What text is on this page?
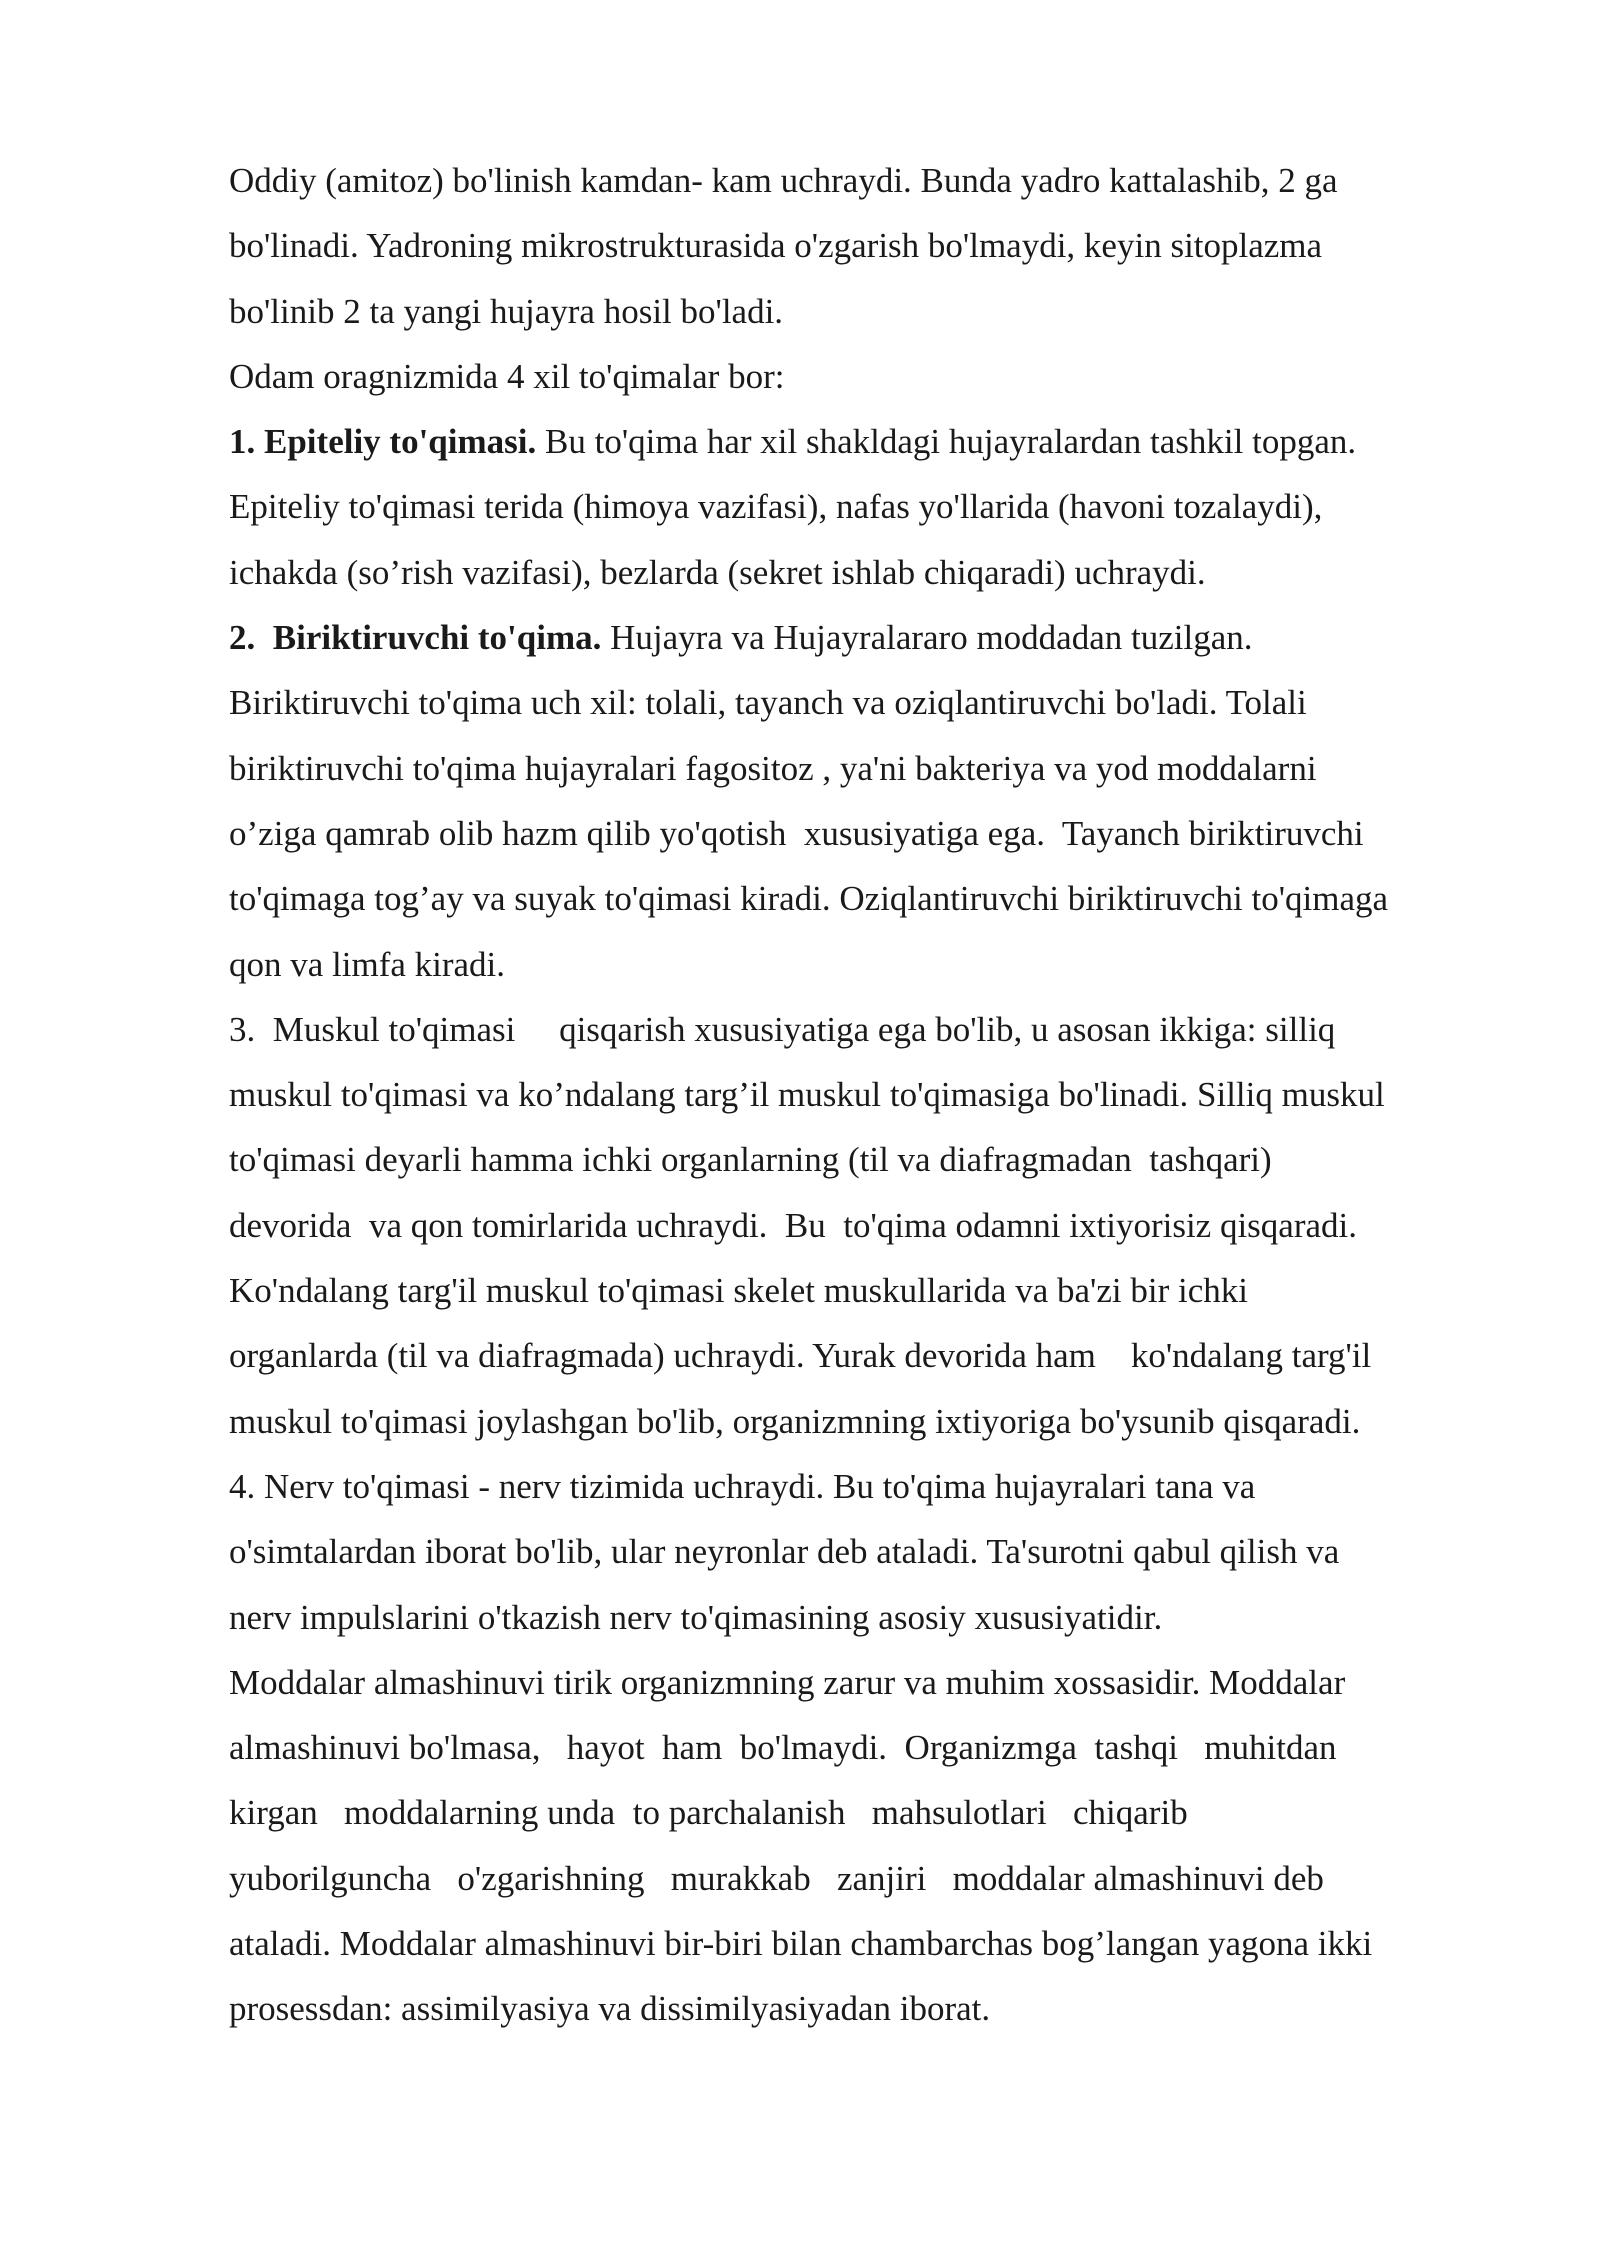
Oddiy (amitoz) bo'linish kamdan- kam uchraydi. Bunda yadro kattalashib, 2 ga
bo'linadi. Yadroning mikrostrukturasida o'zgarish bo'lmaydi, keyin sitoplazma
bo'linib 2 ta yangi hujayra hosil bo'ladi.
Odam oragnizmida 4 xil to'qimalar bor:
1. Epiteliy to'qimasi. Bu to'qima har xil shakldagi hujayralardan tashkil topgan.
Epiteliy to'qimasi terida (himoya vazifasi), nafas yo'llarida (havoni tozalaydi),
ichakda (so’rish vazifasi), bezlarda (sekret ishlab chiqaradi) uchraydi.
2.  Biriktiruvchi to'qima. Hujayra va Hujayralararo moddadan tuzilgan.
Biriktiruvchi to'qima uch xil: tolali, tayanch va oziqlantiruvchi bo'ladi. Tolali
biriktiruvchi to'qima hujayralari fagositoz , ya'ni bakteriya va yod moddalarni
o’ziga qamrab olib hazm qilib yo'qotish  xususiyatiga ega.  Tayanch biriktiruvchi
to'qimaga tog’ay va suyak to'qimasi kiradi. Oziqlantiruvchi biriktiruvchi to'qimaga
qon va limfa kiradi.
3.  Muskul to'qimasi     qisqarish xususiyatiga ega bo'lib, u asosan ikkiga: silliq
muskul to'qimasi va ko’ndalang targ’il muskul to'qimasiga bo'linadi. Silliq muskul
to'qimasi deyarli hamma ichki organlarning (til va diafragmadan  tashqari)
devorida  va qon tomirlarida uchraydi.  Bu  to'qima odamni ixtiyorisiz qisqaradi.
Ko'ndalang targ'il muskul to'qimasi skelet muskullarida va ba'zi bir ichki
organlarda (til va diafragmada) uchraydi. Yurak devorida ham    ko'ndalang targ'il
muskul to'qimasi joylashgan bo'lib, organizmning ixtiyoriga bo'ysunib qisqaradi.
4. Nerv to'qimasi - nerv tizimida uchraydi. Bu to'qima hujayralari tana va
o'simtalardan iborat bo'lib, ular neyronlar deb ataladi. Ta'surotni qabul qilish va
nerv impulslarini o'tkazish nerv to'qimasining asosiy xususiyatidir.
Moddalar almashinuvi tirik organizmning zarur va muhim xossasidir. Moddalar
almashinuvi bo'lmasa,   hayot  ham  bo'lmaydi.  Organizmga  tashqi   muhitdan
kirgan   moddalarning unda  to parchalanish   mahsulotlari   chiqarib
yuborilguncha   o'zgarishning   murakkab   zanjiri   moddalar almashinuvi deb
ataladi. Moddalar almashinuvi bir-biri bilan chambarchas bog’langan yagona ikki
prosessdan: assimilyasiya va dissimilyasiyadan iborat.
